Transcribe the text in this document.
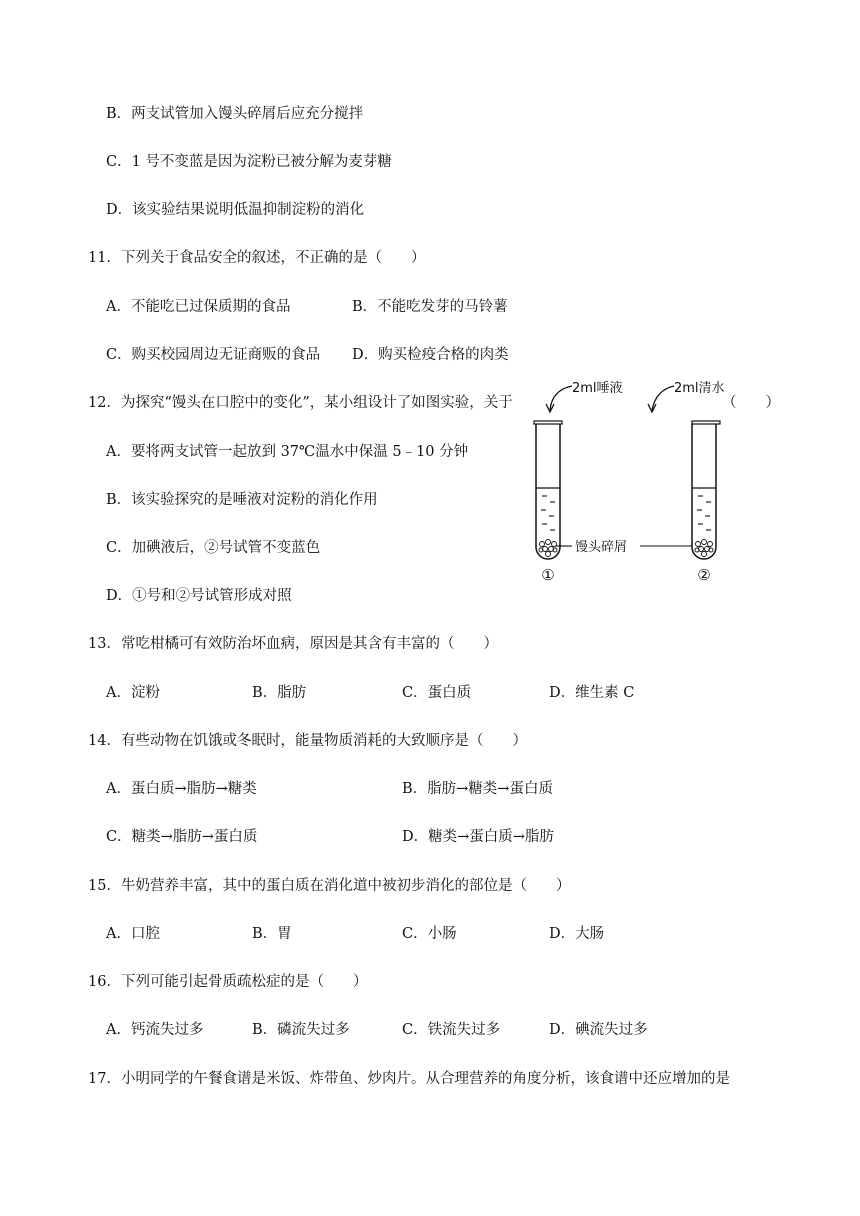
B．两支试管加入馒头碎屑后应充分搅拌
C．1 号不变蓝是因为淀粉已被分解为麦芽糖
D．该实验结果说明低温抑制淀粉的消化
11．下列关于食品安全的叙述，不正确的是（　　）
A．不能吃已过保质期的食品	B．不能吃发芽的马铃薯
C．购买校园周边无证商贩的食品 D．购买检疫合格的肉类
12．为探究“馒头在口腔中的变化”，某小组设计了如图实验，关于	（　　）
A．要将两支试管一起放到 37℃温水中保温 5﹣10 分钟
B．该实验探究的是唾液对淀粉的消化作用
C．加碘液后，②号试管不变蓝色
D．①号和②号试管形成对照
2ml唾液	2ml清水
馒头碎屑
①	②
13．常吃柑橘可有效防治坏血病，原因是其含有丰富的（　　）
A．淀粉	B．脂肪	C．蛋白质	D．维生素 C
14．有些动物在饥饿或冬眠时，能量物质消耗的大致顺序是（　　）
A．蛋白质→脂肪→糖类	B．脂肪→糖类→蛋白质
C．糖类→脂肪→蛋白质	D．糖类→蛋白质→脂肪
15．牛奶营养丰富，其中的蛋白质在消化道中被初步消化的部位是（　　）
A．口腔	B．胃	C．小肠	D．大肠
16．下列可能引起骨质疏松症的是（　　）
A．钙流失过多	B．磷流失过多	C．铁流失过多	D．碘流失过多
17．小明同学的午餐食谱是米饭、炸带鱼、炒肉片。从合理营养的角度分析，该食谱中还应增加的是
